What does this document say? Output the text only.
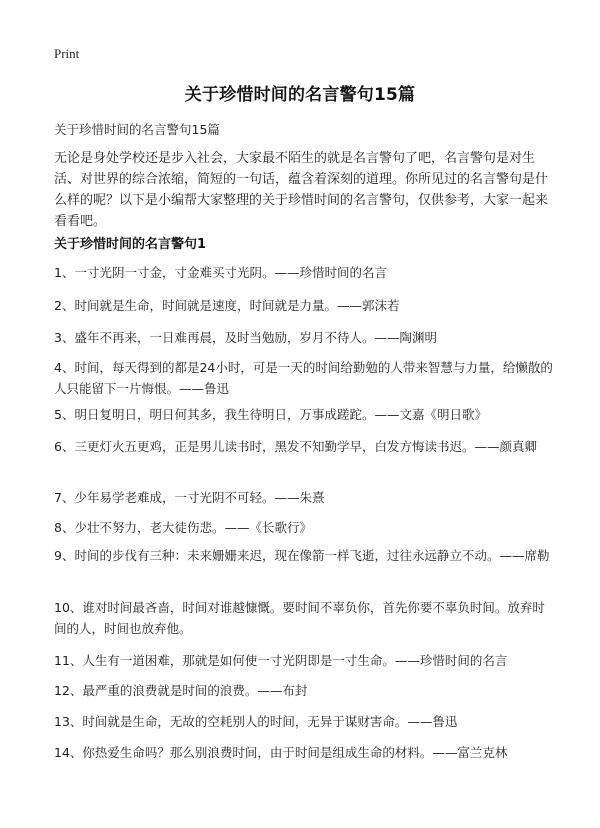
Print
关于珍惜时间的名言警句15篇
关于珍惜时间的名言警句15篇
无论是身处学校还是步入社会，大家最不陌生的就是名言警句了吧，名言警句是对生活、对世界的综合浓缩，简短的一句话，蕴含着深刻的道理。你所见过的名言警句是什么样的呢？以下是小编帮大家整理的关于珍惜时间的名言警句，仅供参考，大家一起来看看吧。
关于珍惜时间的名言警句1
1、一寸光阴一寸金，寸金难买寸光阴。——珍惜时间的名言
2、时间就是生命，时间就是速度，时间就是力量。——郭沫若
3、盛年不再来，一日难再晨，及时当勉励，岁月不待人。——陶渊明
4、时间，每天得到的都是24小时，可是一天的时间给勤勉的人带来智慧与力量，给懒散的人只能留下一片悔恨。——鲁迅
5、明日复明日，明日何其多，我生待明日，万事成蹉跎。——文嘉《明日歌》
6、三更灯火五更鸡，正是男儿读书时，黑发不知勤学早，白发方悔读书迟。——颜真卿
7、少年易学老难成，一寸光阴不可轻。——朱熹
8、少壮不努力，老大徒伤悲。——《长歌行》
9、时间的步伐有三种：未来姗姗来迟，现在像箭一样飞逝，过往永远静立不动。——席勒
10、谁对时间最吝啬，时间对谁越慷慨。要时间不辜负你，首先你要不辜负时间。放弃时间的人，时间也放弃他。
11、人生有一道困难，那就是如何使一寸光阴即是一寸生命。——珍惜时间的名言
12、最严重的浪费就是时间的浪费。——布封
13、时间就是生命，无故的空耗别人的时间，无异于谋财害命。——鲁迅
14、你热爱生命吗？那么别浪费时间，由于时间是组成生命的材料。——富兰克林
